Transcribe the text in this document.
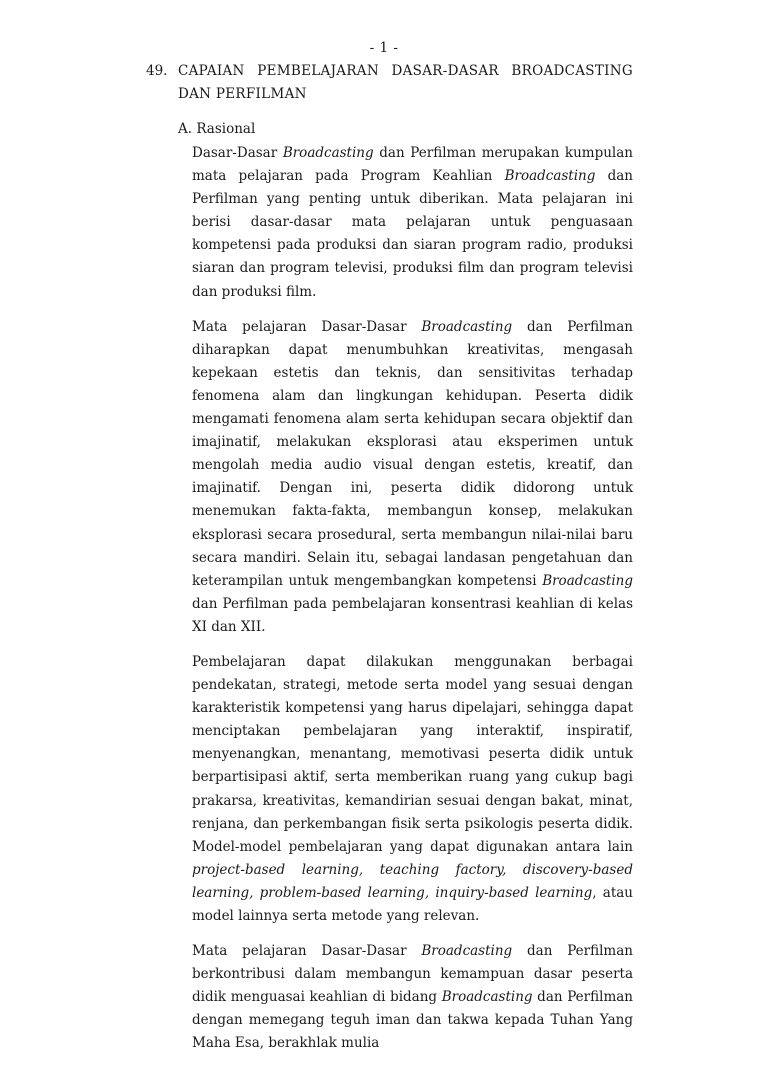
- 1 -
49. CAPAIAN PEMBELAJARAN DASAR-DASAR BROADCASTING DAN PERFILMAN
A. Rasional

Dasar-Dasar Broadcasting dan Perfilman merupakan kumpulan mata pelajaran pada Program Keahlian Broadcasting dan Perfilman yang penting untuk diberikan. Mata pelajaran ini berisi dasar-dasar mata pelajaran untuk penguasaan kompetensi pada produksi dan siaran program radio, produksi siaran dan program televisi, produksi film dan program televisi dan produksi film.

Mata pelajaran Dasar-Dasar Broadcasting dan Perfilman diharapkan dapat menumbuhkan kreativitas, mengasah kepekaan estetis dan teknis, dan sensitivitas terhadap fenomena alam dan lingkungan kehidupan. Peserta didik mengamati fenomena alam serta kehidupan secara objektif dan imajinatif, melakukan eksplorasi atau eksperimen untuk mengolah media audio visual dengan estetis, kreatif, dan imajinatif. Dengan ini, peserta didik didorong untuk menemukan fakta-fakta, membangun konsep, melakukan eksplorasi secara prosedural, serta membangun nilai-nilai baru secara mandiri. Selain itu, sebagai landasan pengetahuan dan keterampilan untuk mengembangkan kompetensi Broadcasting dan Perfilman pada pembelajaran konsentrasi keahlian di kelas XI dan XII.

Pembelajaran dapat dilakukan menggunakan berbagai pendekatan, strategi, metode serta model yang sesuai dengan karakteristik kompetensi yang harus dipelajari, sehingga dapat menciptakan pembelajaran yang interaktif, inspiratif, menyenangkan, menantang, memotivasi peserta didik untuk berpartisipasi aktif, serta memberikan ruang yang cukup bagi prakarsa, kreativitas, kemandirian sesuai dengan bakat, minat, renjana, dan perkembangan fisik serta psikologis peserta didik. Model-model pembelajaran yang dapat digunakan antara lain project-based learning, teaching factory, discovery-based learning, problem-based learning, inquiry-based learning, atau model lainnya serta metode yang relevan.

Mata pelajaran Dasar-Dasar Broadcasting dan Perfilman berkontribusi dalam membangun kemampuan dasar peserta didik menguasai keahlian di bidang Broadcasting dan Perfilman dengan memegang teguh iman dan takwa kepada Tuhan Yang Maha Esa, berakhlak mulia
